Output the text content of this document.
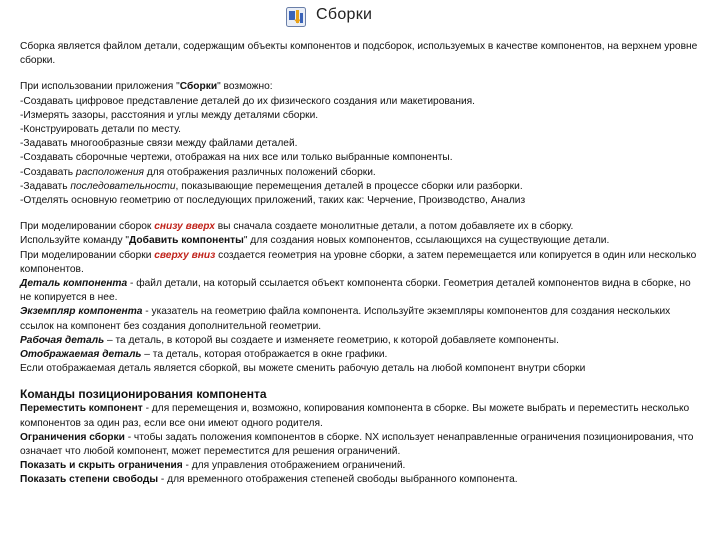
Сборки

Сборка является файлом детали, содержащим объекты компонентов и подсборок, используемых в качестве компонентов, на верхнем уровне сборки.

При использовании приложения "Сборки" возможно:

-Создавать цифровое представление деталей до их физического создания или макетирования.

-Измерять зазоры, расстояния и углы между деталями сборки.

-Конструировать детали по месту.

-Задавать многообразные связи между файлами деталей.

-Создавать сборочные чертежи, отображая на них все или только выбранные компоненты.

-Создавать расположения для отображения различных положений сборки.

-Задавать последовательности, показывающие перемещения деталей в процессе сборки или разборки.

-Отделять основную геометрию от последующих приложений, таких как: Черчение, Производство, Анализ

При моделировании сборок снизу вверх вы сначала создаете монолитные детали, а потом добавляете их в сборку.

Используйте команду "Добавить компоненты" для создания новых компонентов, ссылающихся на существующие детали.

При моделировании сборки сверху вниз создается геометрия на уровне сборки, а затем перемещается или копируется в один или несколько компонентов.

Деталь компонента - файл детали, на который ссылается объект компонента сборки. Геометрия деталей компонентов видна в сборке, но не копируется в нее.

Экземпляр компонента - указатель на геометрию файла компонента. Используйте экземпляры компонентов для создания нескольких ссылок на компонент без создания дополнительной геометрии.

Рабочая деталь – та деталь, в которой вы создаете и изменяете геометрию, к которой добавляете компоненты.

Отображаемая деталь – та деталь, которая отображается в окне графики.

Если отображаемая деталь является сборкой, вы можете сменить рабочую деталь на любой компонент внутри сборки

Команды позиционирования компонента

Переместить компонент - для перемещения и, возможно, копирования компонента в сборке. Вы можете выбрать и переместить несколько компонентов за один раз, если все они имеют одного родителя.

Ограничения сборки - чтобы задать положения компонентов в сборке. NX использует ненаправленные ограничения позиционирования, что означает что любой компонент, может переместится для решения ограничений.

Показать и скрыть ограничения - для управления отображением ограничений.

Показать степени свободы - для временного отображения степеней свободы выбранного компонента.
